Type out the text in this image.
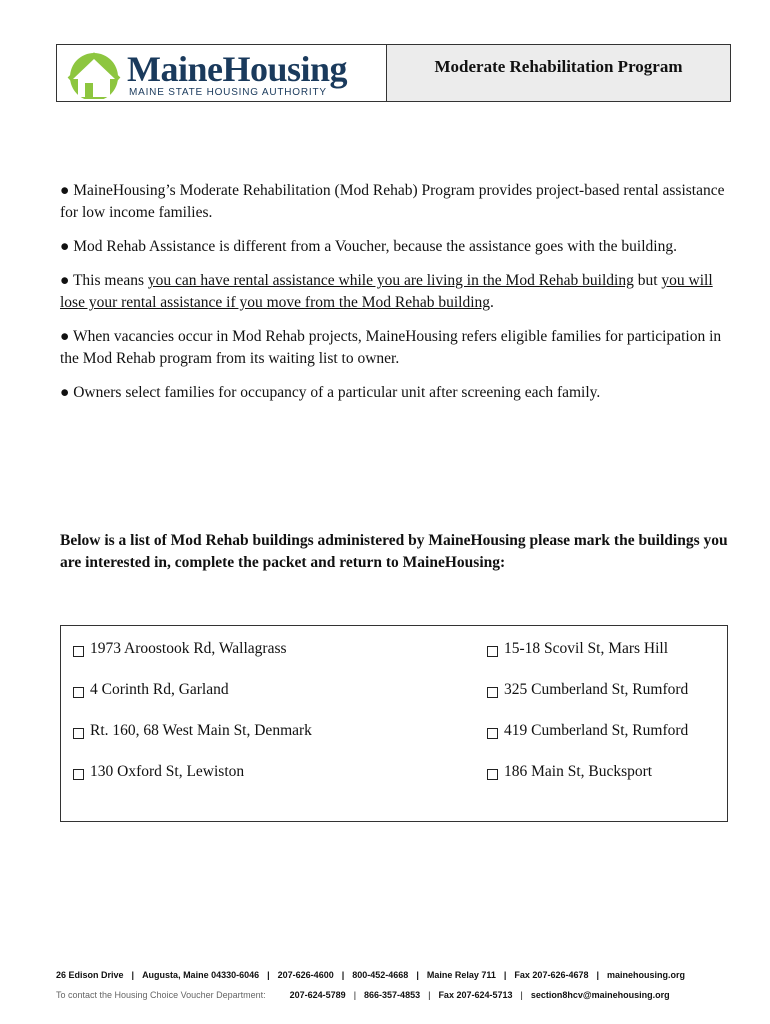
MaineHousing
MAINE STATE HOUSING AUTHORITY
Moderate Rehabilitation Program

● MaineHousing’s Moderate Rehabilitation (Mod Rehab) Program provides project-based rental assistance for low income families.

● Mod Rehab Assistance is different from a Voucher, because the assistance goes with the building.

● This means you can have rental assistance while you are living in the Mod Rehab building but you will lose your rental assistance if you move from the Mod Rehab building.

● When vacancies occur in Mod Rehab projects, MaineHousing refers eligible families for participation in the Mod Rehab program from its waiting list to owner.

● Owners select families for occupancy of a particular unit after screening each family.

Below is a list of Mod Rehab buildings administered by MaineHousing please mark the buildings you are interested in, complete the packet and return to MaineHousing:
1973 Aroostook Rd, Wallagrass
4 Corinth Rd, Garland
Rt. 160, 68 West Main St, Denmark
130 Oxford St, Lewiston
15-18 Scovil St, Mars Hill
325 Cumberland St, Rumford
419 Cumberland St, Rumford
186 Main St, Bucksport
26 Edison Drive | Augusta, Maine 04330-6046 | 207-626-4600 | 800-452-4668 | Maine Relay 711 | Fax 207-626-4678 | mainehousing.org
To contact the Housing Choice Voucher Department:	207-624-5789 | 866-357-4853 | Fax 207-624-5713 | section8hcv@mainehousing.org
